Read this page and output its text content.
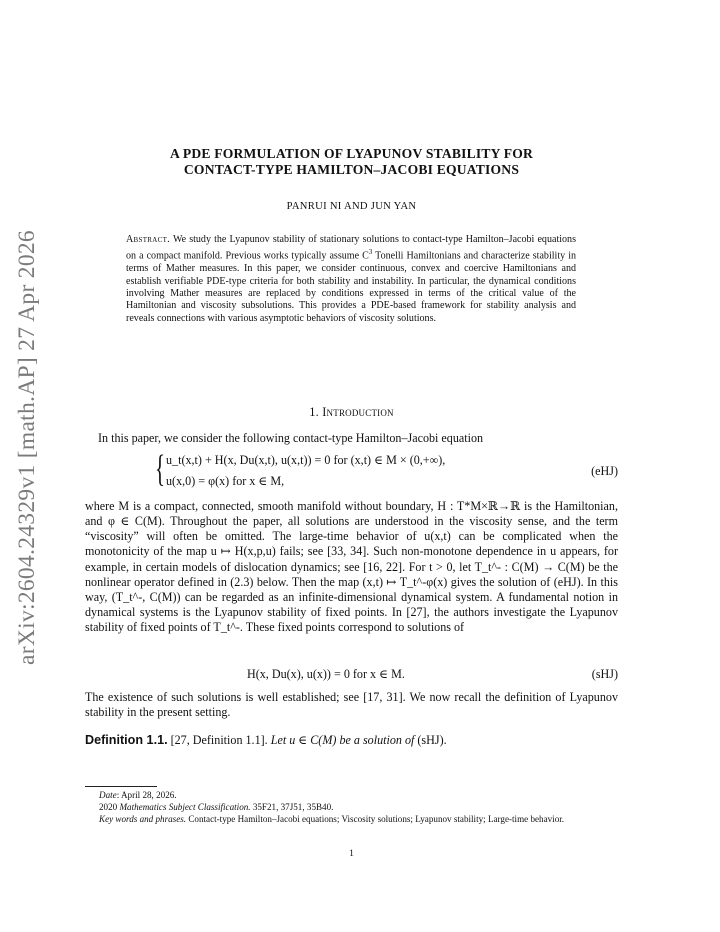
arXiv:2604.24329v1 [math.AP] 27 Apr 2026
A PDE FORMULATION OF LYAPUNOV STABILITY FOR
CONTACT-TYPE HAMILTON–JACOBI EQUATIONS
PANRUI NI AND JUN YAN
Abstract. We study the Lyapunov stability of stationary solutions to contact-type Hamilton–Jacobi equations on a compact manifold. Previous works typically assume $C^3$ Tonelli Hamiltonians and characterize stability in terms of Mather measures. In this paper, we consider continuous, convex and coercive Hamiltonians and establish verifiable PDE-type criteria for both stability and instability. In particular, the dynamical conditions involving Mather measures are replaced by conditions expressed in terms of the critical value of the Hamiltonian and viscosity subsolutions. This provides a PDE-based framework for stability analysis and reveals connections with various asymptotic behaviors of viscosity solutions.
1. Introduction
In this paper, we consider the following contact-type Hamilton–Jacobi equation
{ u_t(x,t) + H(x, Du(x,t), u(x,t)) = 0 for (x,t) ∈ M × (0,+∞),
u(x,0) = φ(x) for x ∈ M,
(eHJ)
where M is a compact, connected, smooth manifold without boundary, H : T*M×ℝ→ℝ is the Hamiltonian, and φ ∈ C(M). Throughout the paper, all solutions are understood in the viscosity sense, and the term “viscosity” will often be omitted. The large-time behavior of u(x,t) can be complicated when the monotonicity of the map u ↦ H(x,p,u) fails; see [33, 34]. Such non-monotone dependence in u appears, for example, in certain models of dislocation dynamics; see [16, 22]. For t > 0, let T_t^- : C(M) → C(M) be the nonlinear operator defined in (2.3) below. Then the map (x,t) ↦ T_t^-φ(x) gives the solution of (eHJ). In this way, (T_t^-, C(M)) can be regarded as an infinite-dimensional dynamical system. A fundamental notion in dynamical systems is the Lyapunov stability of fixed points. In [27], the authors investigate the Lyapunov stability of fixed points of T_t^-. These fixed points correspond to solutions of
H(x, Du(x), u(x)) = 0 for x ∈ M.	(sHJ)
The existence of such solutions is well established; see [17, 31]. We now recall the definition of Lyapunov stability in the present setting.
Definition 1.1. [27, Definition 1.1]. Let u ∈ C(M) be a solution of (sHJ).
Date: April 28, 2026.
2020 Mathematics Subject Classification. 35F21, 37J51, 35B40.
Key words and phrases. Contact-type Hamilton–Jacobi equations; Viscosity solutions; Lyapunov stability; Large-time behavior.
1
